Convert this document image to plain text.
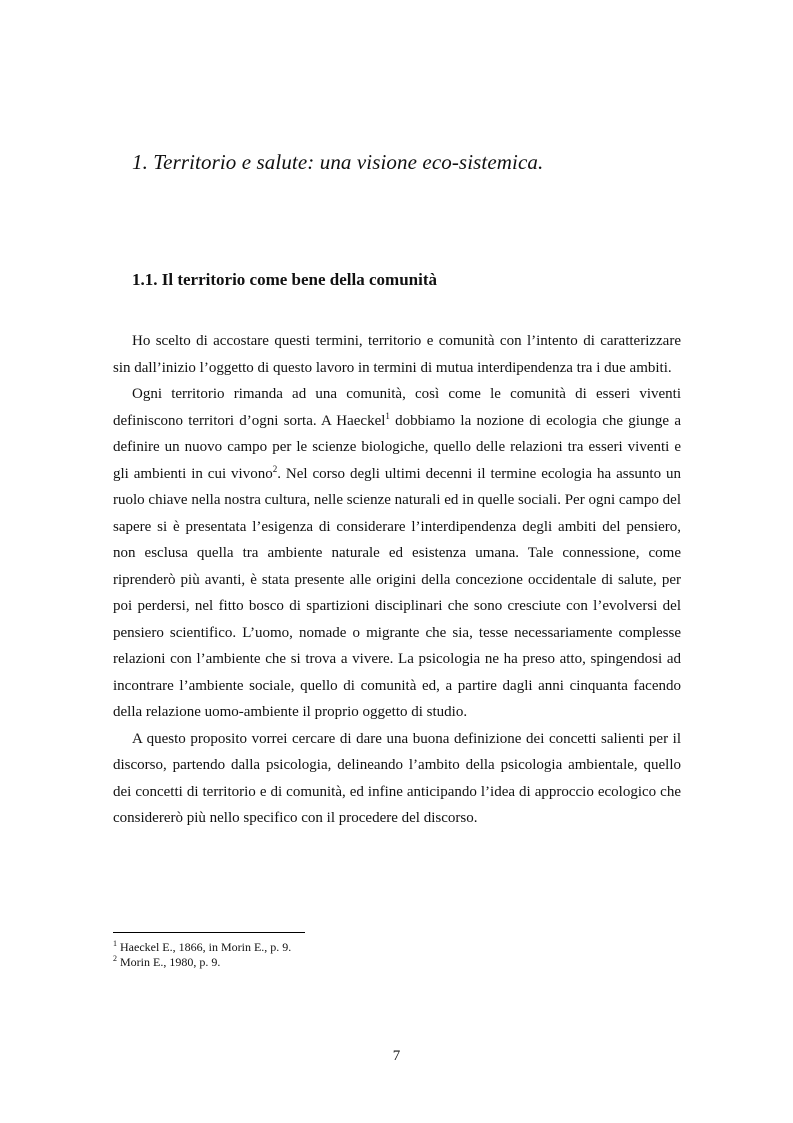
1. Territorio e salute: una visione eco-sistemica.
1.1. Il territorio come bene della comunità

Ho scelto di accostare questi termini, territorio e comunità con l’intento di caratterizzare sin dall’inizio l’oggetto di questo lavoro in termini di mutua interdipendenza tra i due ambiti.

Ogni territorio rimanda ad una comunità, così come le comunità di esseri viventi definiscono territori d’ogni sorta. A Haeckel$^1$ dobbiamo la nozione di ecologia che giunge a definire un nuovo campo per le scienze biologiche, quello delle relazioni tra esseri viventi e gli ambienti in cui vivono$^2$. Nel corso degli ultimi decenni il termine ecologia ha assunto un ruolo chiave nella nostra cultura, nelle scienze naturali ed in quelle sociali. Per ogni campo del sapere si è presentata l’esigenza di considerare l’interdipendenza degli ambiti del pensiero, non esclusa quella tra ambiente naturale ed esistenza umana. Tale connessione, come riprenderò più avanti, è stata presente alle origini della concezione occidentale di salute, per poi perdersi, nel fitto bosco di spartizioni disciplinari che sono cresciute con l’evolversi del pensiero scientifico. L’uomo, nomade o migrante che sia, tesse necessariamente complesse relazioni con l’ambiente che si trova a vivere. La psicologia ne ha preso atto, spingendosi ad incontrare l’ambiente sociale, quello di comunità ed, a partire dagli anni cinquanta facendo della relazione uomo-ambiente il proprio oggetto di studio.

A questo proposito vorrei cercare di dare una buona definizione dei concetti salienti per il discorso, partendo dalla psicologia, delineando l’ambito della psicologia ambientale, quello dei concetti di territorio e di comunità, ed infine anticipando l’idea di approccio ecologico che considererò più nello specifico con il procedere del discorso.

$^1$ Haeckel E., 1866, in Morin E., p. 9.
$^2$ Morin E., 1980, p. 9.
7
